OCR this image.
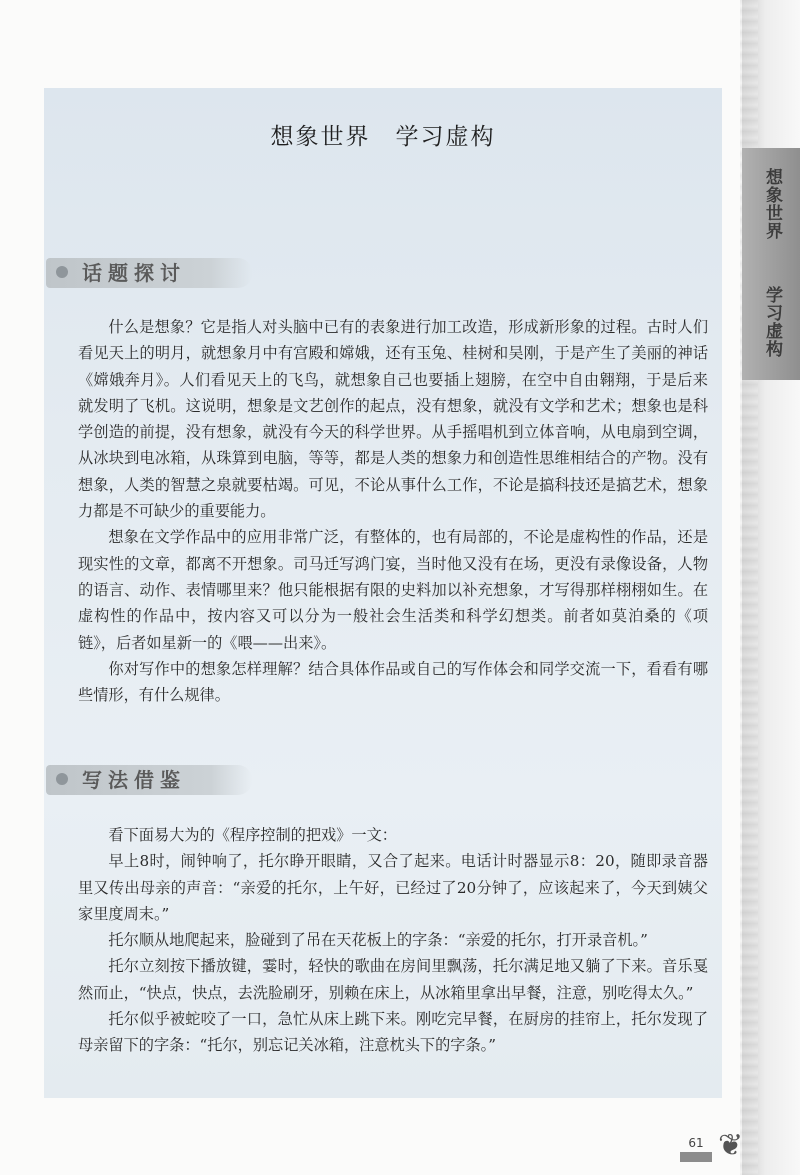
想象世界
学习虚构
想象世界　学习虚构
话题探讨

什么是想象？它是指人对头脑中已有的表象进行加工改造，形成新形象的过程。古时人们看见天上的明月，就想象月中有宫殿和嫦娥，还有玉兔、桂树和吴刚，于是产生了美丽的神话《嫦娥奔月》。人们看见天上的飞鸟，就想象自己也要插上翅膀，在空中自由翱翔，于是后来就发明了飞机。这说明，想象是文艺创作的起点，没有想象，就没有文学和艺术；想象也是科学创造的前提，没有想象，就没有今天的科学世界。从手摇唱机到立体音响，从电扇到空调，从冰块到电冰箱，从珠算到电脑，等等，都是人类的想象力和创造性思维相结合的产物。没有想象，人类的智慧之泉就要枯竭。可见，不论从事什么工作，不论是搞科技还是搞艺术，想象力都是不可缺少的重要能力。

想象在文学作品中的应用非常广泛，有整体的，也有局部的，不论是虚构性的作品，还是现实性的文章，都离不开想象。司马迁写鸿门宴，当时他又没有在场，更没有录像设备，人物的语言、动作、表情哪里来？他只能根据有限的史料加以补充想象，才写得那样栩栩如生。在虚构性的作品中，按内容又可以分为一般社会生活类和科学幻想类。前者如莫泊桑的《项链》，后者如星新一的《喂——出来》。

你对写作中的想象怎样理解？结合具体作品或自己的写作体会和同学交流一下，看看有哪些情形，有什么规律。

写法借鉴

看下面易大为的《程序控制的把戏》一文：

早上8时，闹钟响了，托尔睁开眼睛，又合了起来。电话计时器显示8：20，随即录音器里又传出母亲的声音：“亲爱的托尔，上午好，已经过了20分钟了，应该起来了，今天到姨父家里度周末。”

托尔顺从地爬起来，脸碰到了吊在天花板上的字条：“亲爱的托尔，打开录音机。”

托尔立刻按下播放键，霎时，轻快的歌曲在房间里飘荡，托尔满足地又躺了下来。音乐戛然而止，“快点，快点，去洗脸刷牙，别赖在床上，从冰箱里拿出早餐，注意，别吃得太久。”

托尔似乎被蛇咬了一口，急忙从床上跳下来。刚吃完早餐，在厨房的挂帘上，托尔发现了母亲留下的字条：“托尔，别忘记关冰箱，注意枕头下的字条。”

61 ❦
